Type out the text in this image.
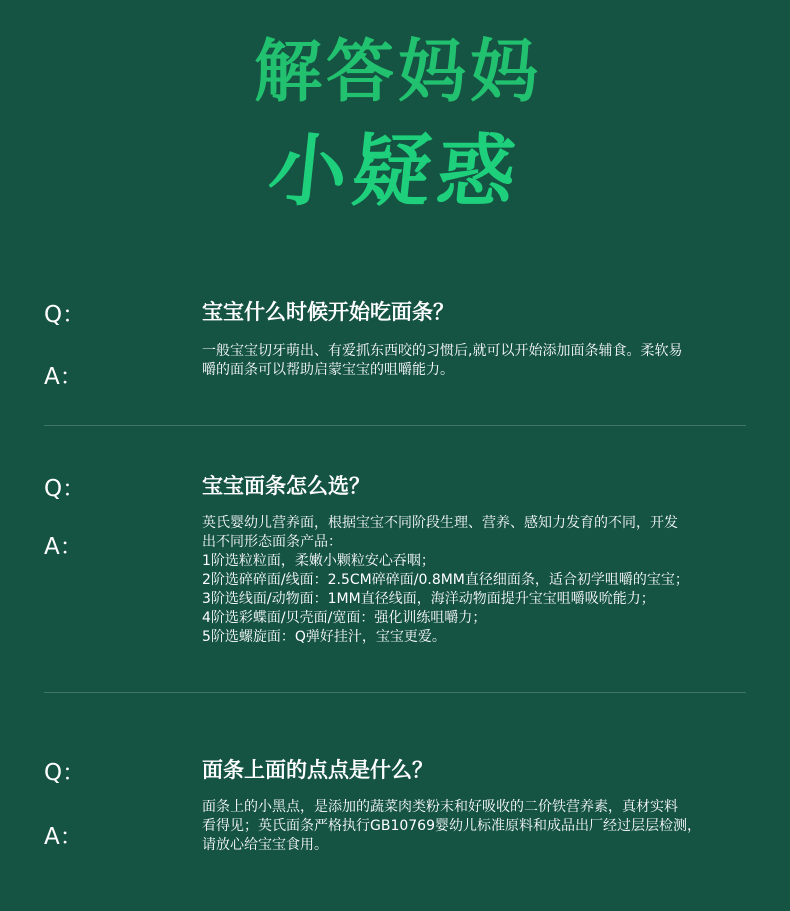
解答妈妈
小疑惑
Q：	宝宝什么时候开始吃面条？
A：
一般宝宝切牙萌出、有爱抓东西咬的习惯后,就可以开始添加面条辅食。柔软易
嚼的面条可以帮助启蒙宝宝的咀嚼能力。
Q：	宝宝面条怎么选？
A：
英氏婴幼儿营养面，根据宝宝不同阶段生理、营养、感知力发育的不同，开发
出不同形态面条产品：
1阶选粒粒面，柔嫩小颗粒安心吞咽；
2阶选碎碎面/线面：2.5CM碎碎面/0.8MM直径细面条，适合初学咀嚼的宝宝；
3阶选线面/动物面：1MM直径线面，海洋动物面提升宝宝咀嚼吸吮能力；
4阶选彩蝶面/贝壳面/宽面：强化训练咀嚼力；
5阶选螺旋面：Q弹好挂汁，宝宝更爱。
Q：	面条上面的点点是什么？
A：
面条上的小黑点，是添加的蔬菜肉类粉末和好吸收的二价铁营养素，真材实料
看得见；英氏面条严格执行GB10769婴幼儿标准原料和成品出厂经过层层检测，
请放心给宝宝食用。
